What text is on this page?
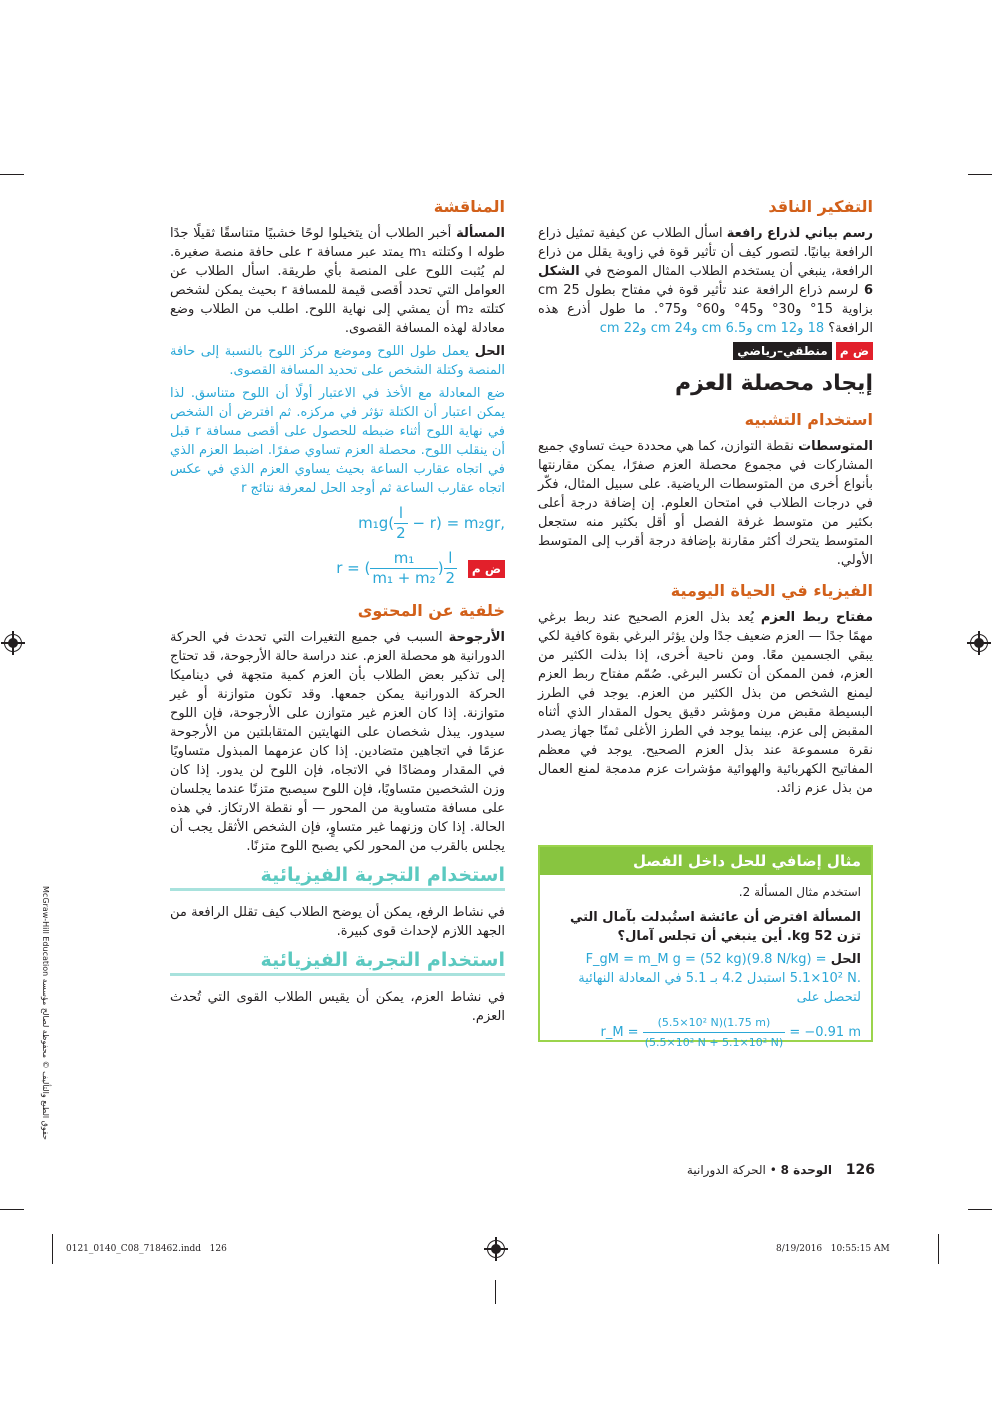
حقوق الطبع والتأليف © محفوظة لصالح مؤسسة McGraw-Hill Education
التفكير الناقد

رسم بياني لذراع رافعة اسأل الطلاب عن كيفية تمثيل ذراع الرافعة بيانيًا. لتصور كيف أن تأثير قوة في زاوية يقلل من ذراع الرافعة، ينبغي أن يستخدم الطلاب المثال الموضح في الشكل 6 لرسم ذراع الرافعة عند تأثير قوة في مفتاح بطول 25 cm بزاوية 15° و30° و45° و60° و75°. ما طول أذرع هذه الرافعة؟ 18 و12 cm و6.5 cm و24 cm و22 cm

ض م منطقي–رياضي
إيجاد محصلة العزم
استخدام التشبيه

المتوسطات نقطة التوازن، كما هي محددة حيث تساوي جميع المشاركات في مجموع محصلة العزم صفرًا، يمكن مقارنتها بأنواع أخرى من المتوسطات الرياضية. على سبيل المثال، فكّر في درجات الطلاب في امتحان العلوم. إن إضافة درجة أعلى بكثير من متوسط غرفة الفصل أو أقل بكثير منه ستجعل المتوسط يتحرك أكثر مقارنة بإضافة درجة أقرب إلى المتوسط الأولي.

الفيزياء في الحياة اليومية

مفتاح ربط العزم يُعد بذل العزم الصحيح عند ربط برغي مهمًا جدًا — العزم ضعيف جدًا ولن يؤثر البرغي بقوة كافية لكي يبقي الجسمين معًا. ومن ناحية أخرى، إذا بذلت الكثير من العزم، فمن الممكن أن تكسر البرغي. صُمّم مفتاح ربط العزم ليمنع الشخص من بذل الكثير من العزم. يوجد في الطرز البسيطة مقبض مرن ومؤشر دقيق يحول المقدار الذي أثناه المقبض إلى عزم. بينما يوجد في الطرز الأغلى ثمنًا جهاز يصدر نقرة مسموعة عند بذل العزم الصحيح. يوجد في معظم المفاتيح الكهربائية والهوائية مؤشرات عزم مدمجة لمنع العمال من بذل عزم زائد.

مثال إضافي للحل داخل الفصل

استخدم مثال المسألة 2.

المسألة افترض أن عائشة استُبدلت بآمال التي تزن 52 kg. أين ينبغي أن تجلس آمال؟

الحل F_gM = m_M g = (52 kg)(9.8 N/kg) = 5.1×10² N. استبدل 4.2 بـ 5.1 في المعادلة النهائية لتحصل على

r_M = $\frac{\text{(5.5×10² N)(1.75 m)}}{\text{(5.5×10² N + 5.1×10² N)}} = -0.91$ m
المناقشة

المسألة أخبر الطلاب أن يتخيلوا لوحًا خشبيًا متناسقًا ثقيلًا جدًا طوله l وكتلته m₁ يمتد عبر مسافة r على حافة منصة صغيرة. لم يُثبت اللوح على المنصة بأي طريقة. اسأل الطلاب عن العوامل التي تحدد أقصى قيمة للمسافة r بحيث يمكن لشخص كتلته m₂ أن يمشي إلى نهاية اللوح. اطلب من الطلاب وضع معادلة لهذه المسافة القصوى.

الحل يعمل طول اللوح وموضع مركز اللوح بالنسبة إلى حافة المنصة وكتلة الشخص على تحديد المسافة القصوى.

ضع المعادلة مع الأخذ في الاعتبار أولًا أن اللوح متناسق. لذا يمكن اعتبار أن الكتلة تؤثر في مركزه. ثم افترض أن الشخص في نهاية اللوح أثناء ضبطه للحصول على أقصى مسافة r قبل أن ينقلب اللوح. محصلة العزم تساوي صفرًا. اضبط العزم الذي في اتجاه عقارب الساعة بحيث يساوي العزم الذي في عكس اتجاه عقارب الساعة ثم أوجد الحل لمعرفة نتائج r

$m_1g( \frac{l}{2} - r) = m_2gr$,
r = ( $\frac{\text{m₁}}{\text{m₁ + m₂}}$ ) $\frac{l}{2}$ ض م
خلفية عن المحتوى

الأرجوحة السبب في جميع التغيرات التي تحدث في الحركة الدورانية هو محصلة العزم. عند دراسة حالة الأرجوحة، قد تحتاج إلى تذكير بعض الطلاب بأن العزم كمية متجهة في ديناميكا الحركة الدورانية يمكن جمعها. وقد تكون متوازنة أو غير متوازنة. إذا كان العزم غير متوازن على الأرجوحة، فإن اللوح سيدور. يبذل شخصان على النهايتين المتقابلتين من الأرجوحة عزمًا في اتجاهين متضادين. إذا كان عزمهما المبذول متساويًا في المقدار ومضادًا في الاتجاه، فإن اللوح لن يدور. إذا كان وزن الشخصين متساويًا، فإن اللوح سيصبح متزنًا عندما يجلسان على مسافة متساوية من المحور — أو نقطة الارتكاز. في هذه الحالة. إذا كان وزنهما غير متساوٍ، فإن الشخص الأثقل يجب أن يجلس بالقرب من المحور لكي يصبح اللوح متزنًا.

استخدام التجربة الفيزيائية

في نشاط الرفع، يمكن أن يوضح الطلاب كيف تقلل الرافعة من الجهد اللازم لإحداث قوى كبيرة.

استخدام التجربة الفيزيائية

في نشاط العزم، يمكن أن يقيس الطلاب القوى التي تُحدث العزم.

126 الوحدة 8 • الحركة الدورانية
0121_0140_C08_718462.indd   126	8/19/2016   10:55:15 AM
